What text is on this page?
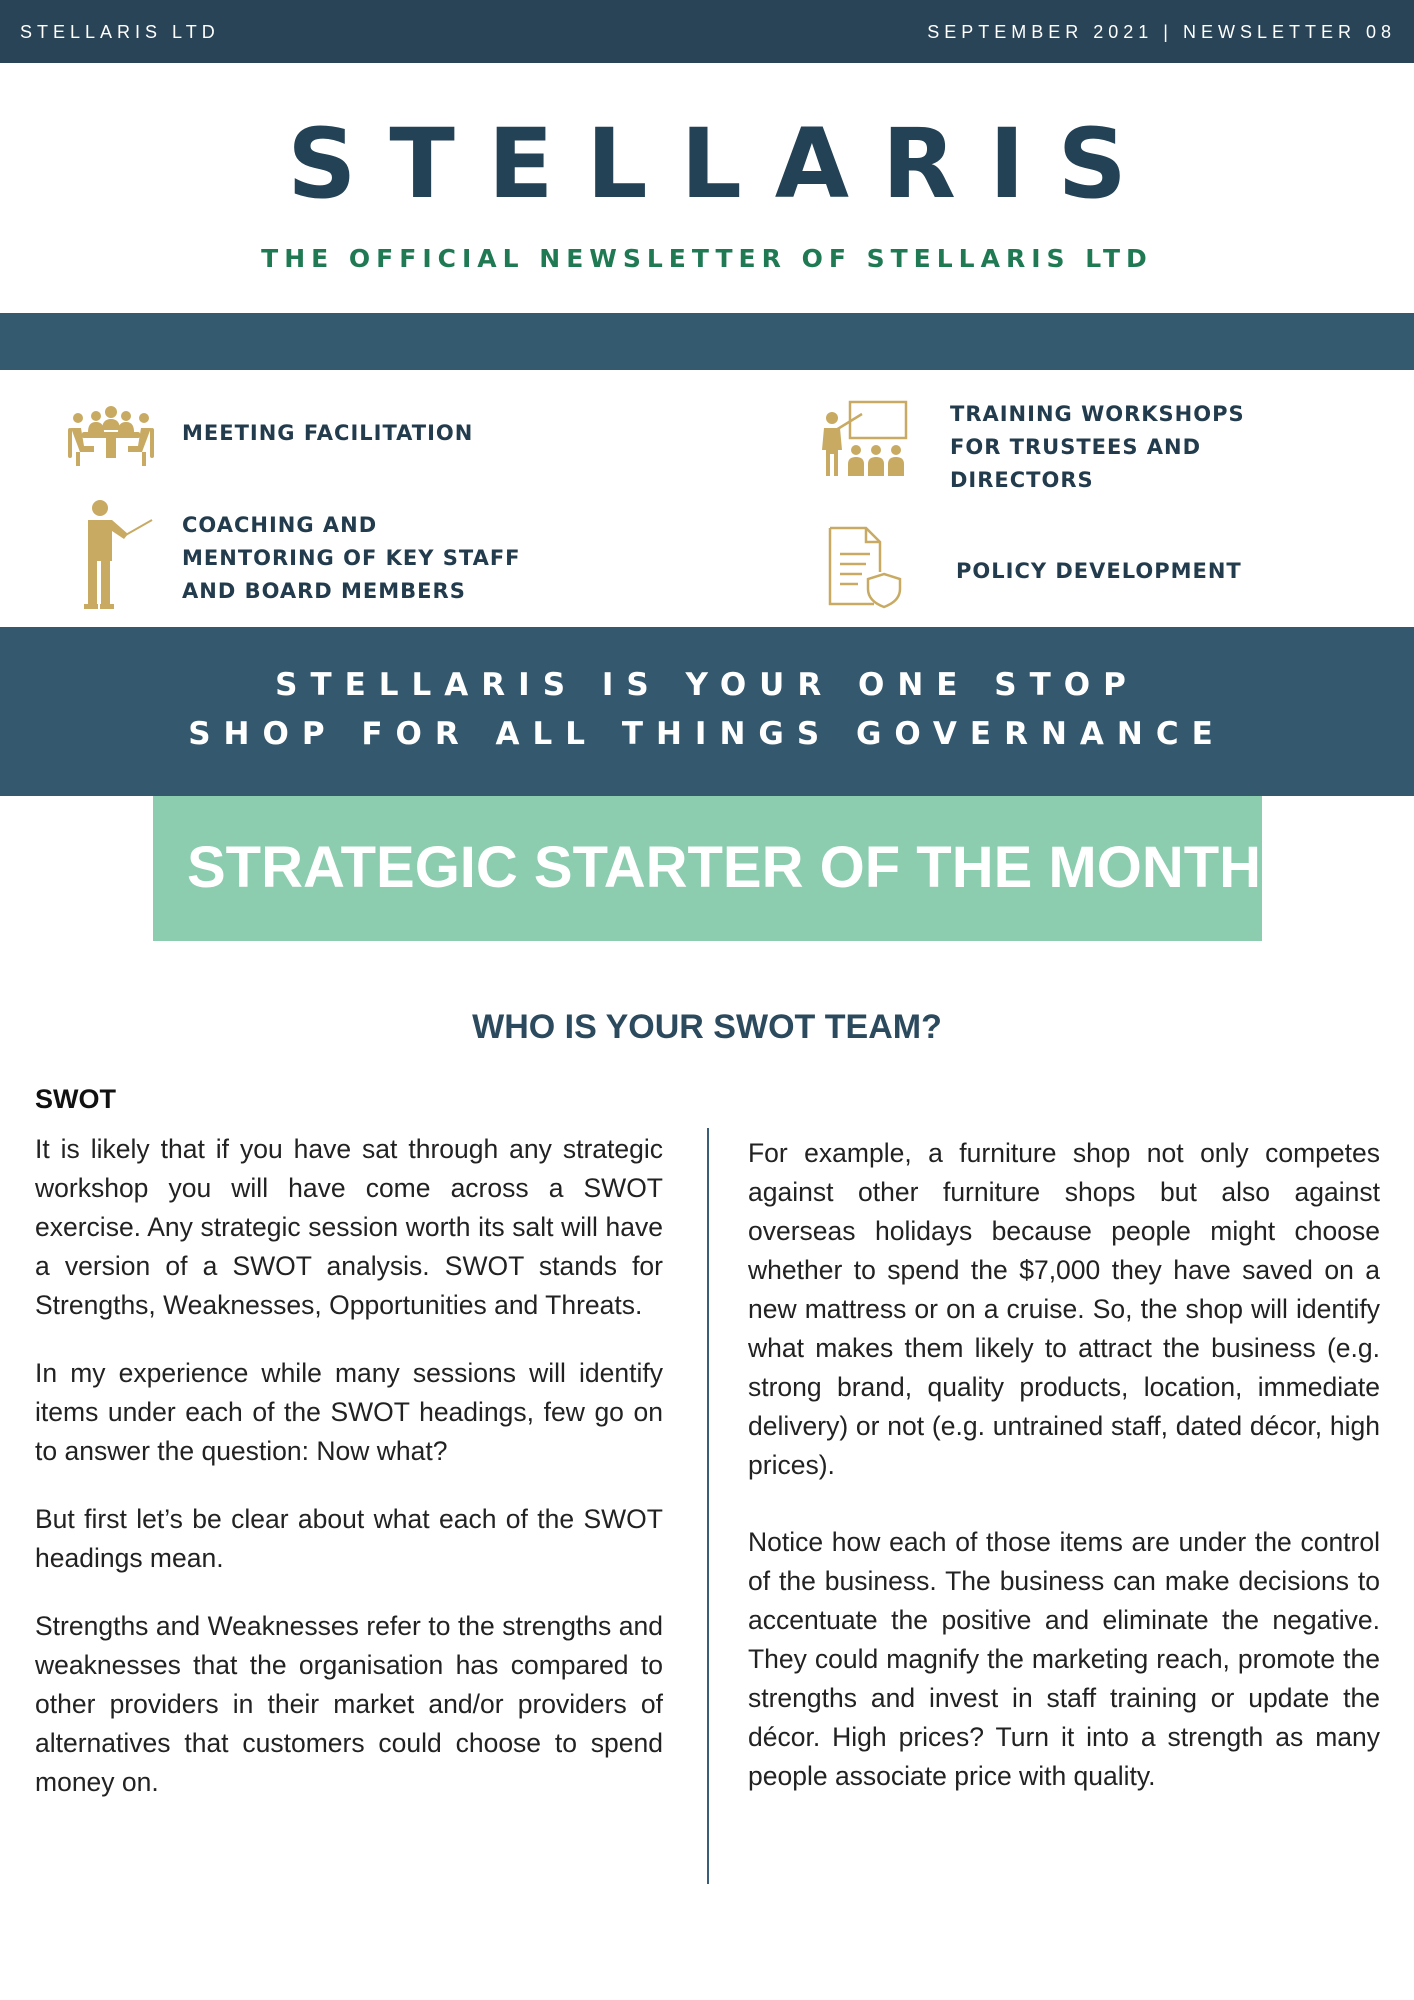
STELLARIS LTD	SEPTEMBER 2021 | NEWSLETTER 08
STELLARIS
THE OFFICIAL NEWSLETTER OF STELLARIS LTD
MEETING FACILITATION
TRAINING WORKSHOPS
FOR TRUSTEES AND
DIRECTORS
COACHING AND
MENTORING OF KEY STAFF
AND BOARD MEMBERS
POLICY DEVELOPMENT
STELLARIS IS YOUR ONE STOP
SHOP FOR ALL THINGS GOVERNANCE
STRATEGIC STARTER OF THE MONTH
WHO IS YOUR SWOT TEAM?
SWOT

It is likely that if you have sat through any strategic workshop you will have come across a SWOT exercise. Any strategic session worth its salt will have a version of a SWOT analysis. SWOT stands for Strengths, Weaknesses, Opportunities and Threats.

In my experience while many sessions will identify items under each of the SWOT headings, few go on to answer the question: Now what?

But first let’s be clear about what each of the SWOT headings mean.

Strengths and Weaknesses refer to the strengths and weaknesses that the organisation has compared to other providers in their market and/or providers of alternatives that customers could choose to spend money on.

For example, a furniture shop not only competes against other furniture shops but also against overseas holidays because people might choose whether to spend the $7,000 they have saved on a new mattress or on a cruise. So, the shop will identify what makes them likely to attract the business (e.g. strong brand, quality products, location, immediate delivery) or not (e.g. untrained staff, dated décor, high prices).

Notice how each of those items are under the control of the business. The business can make decisions to accentuate the positive and eliminate the negative. They could magnify the marketing reach, promote the strengths and invest in staff training or update the décor. High prices? Turn it into a strength as many people associate price with quality.
